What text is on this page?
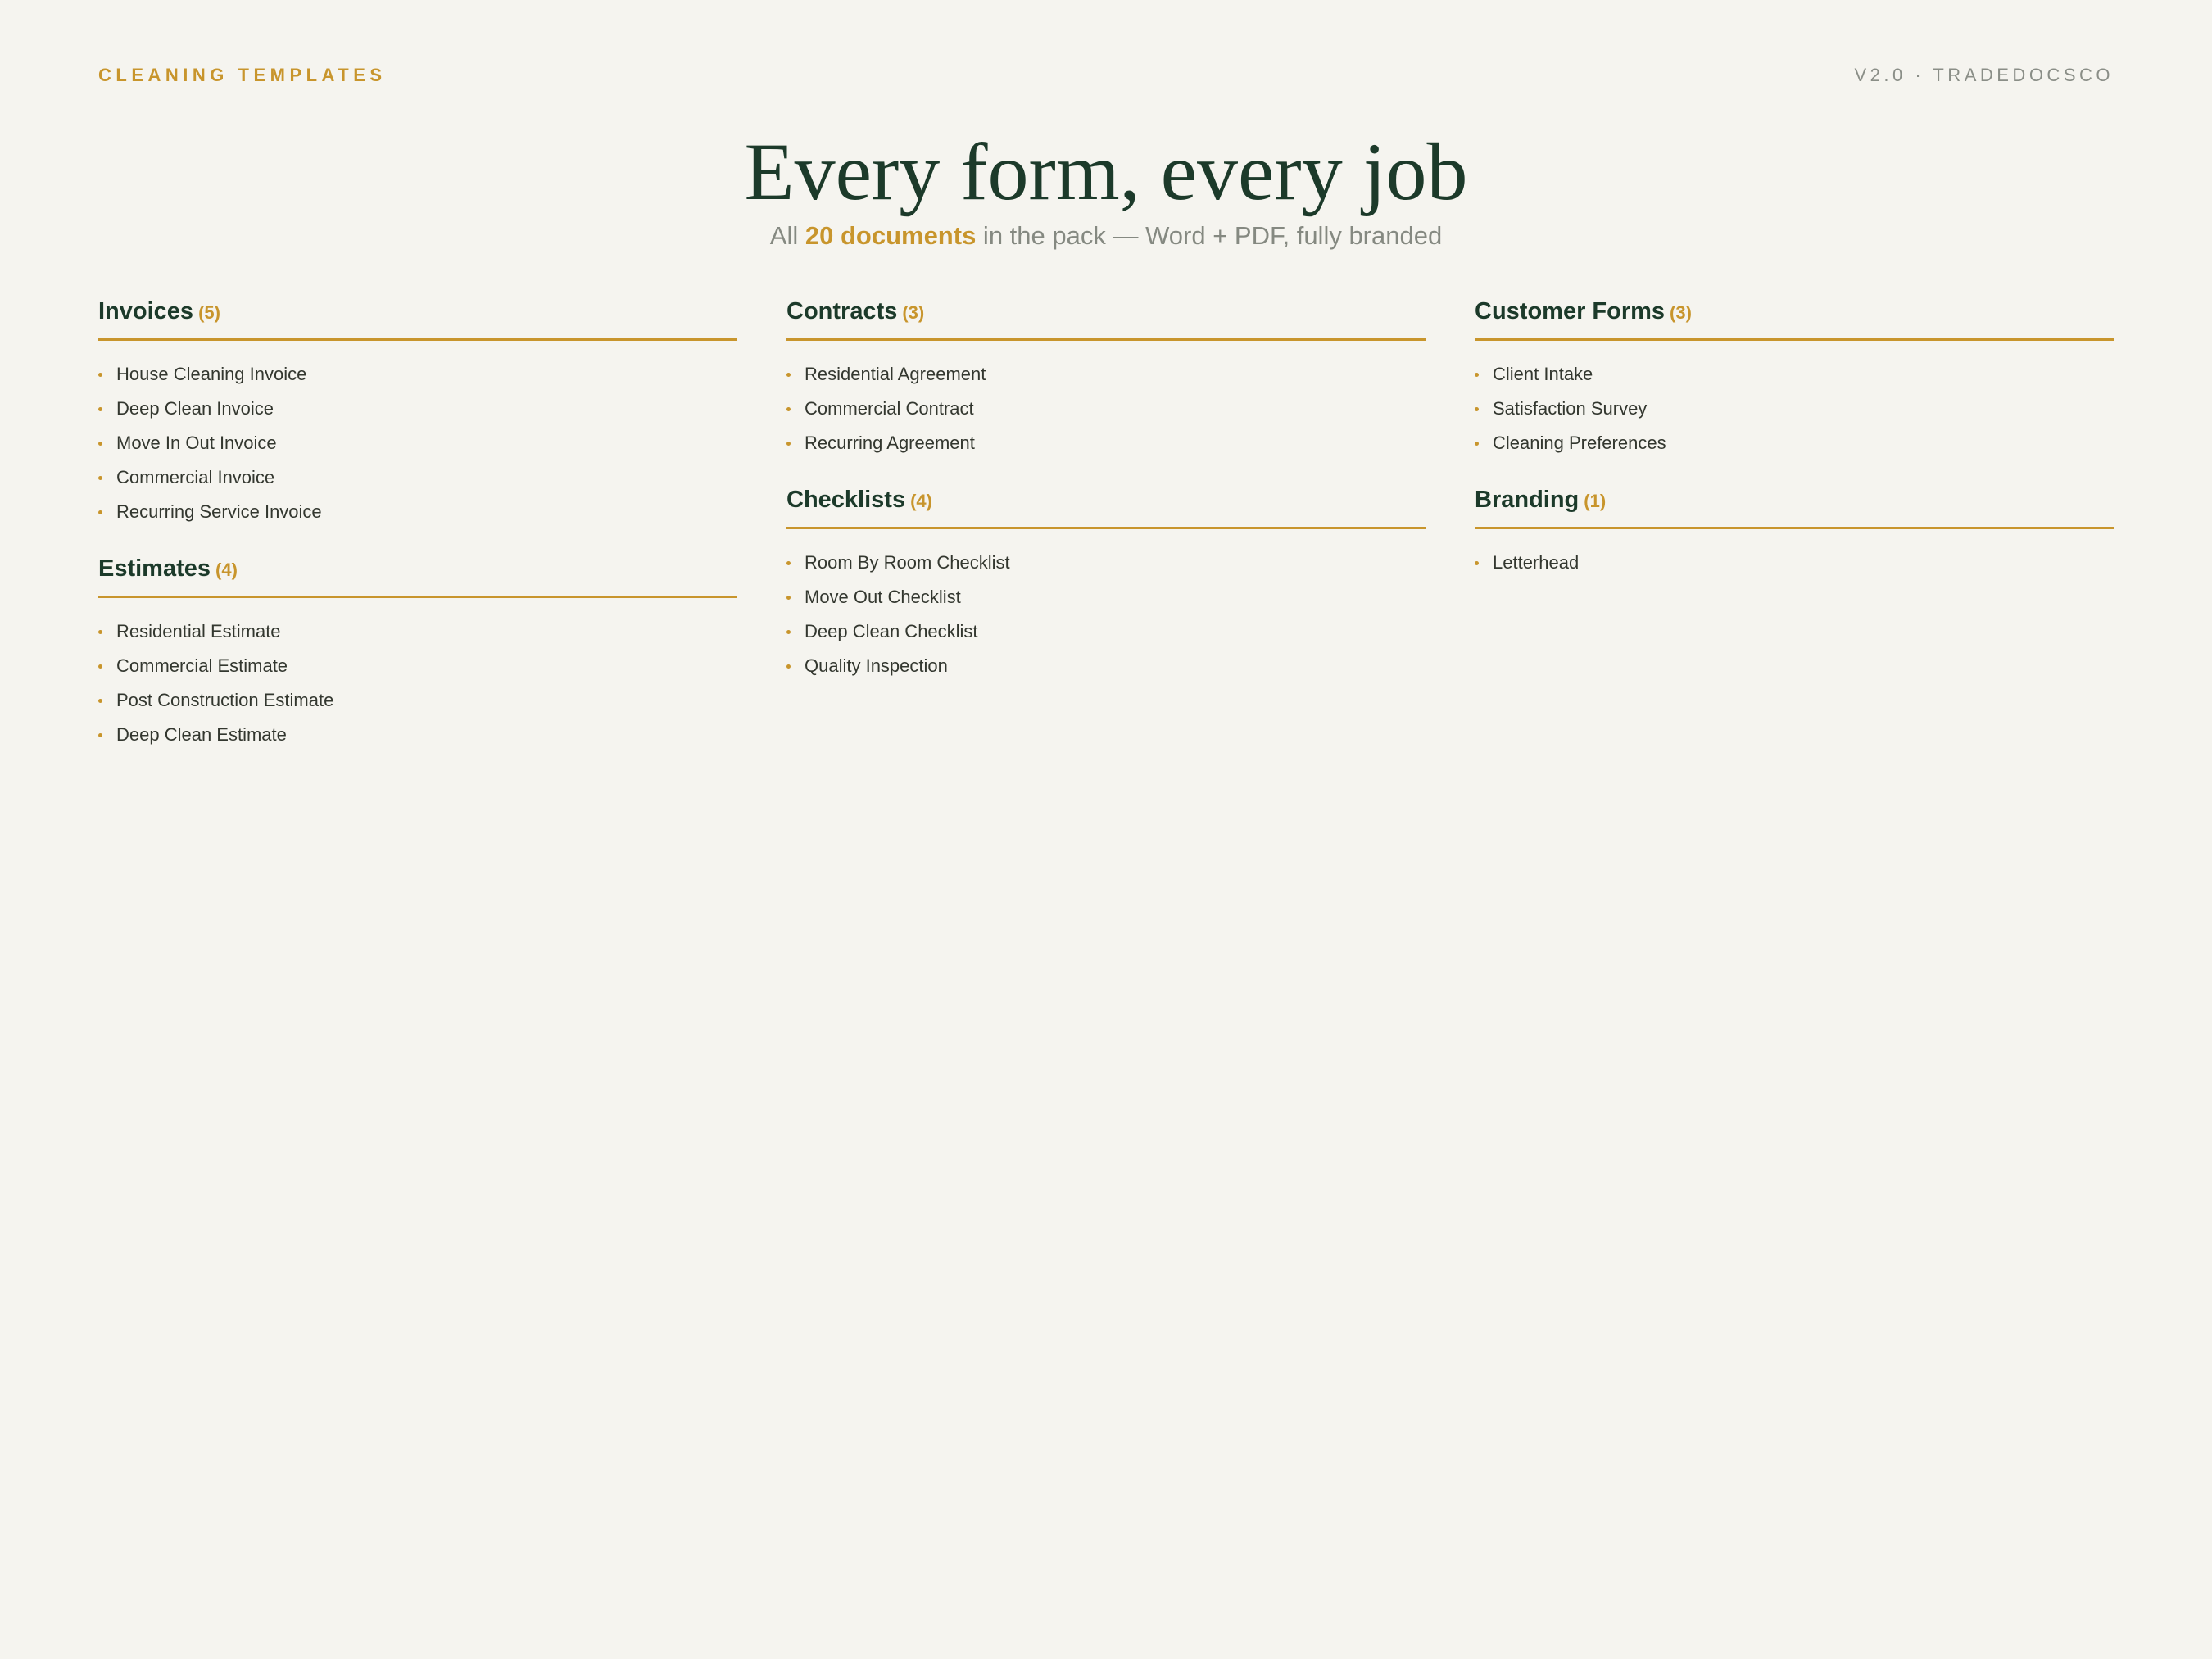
CLEANING TEMPLATES	V2.0 · TRADEDOCSCO
Every form, every job
All 20 documents in the pack — Word + PDF, fully branded
Invoices (5)
House Cleaning Invoice
Deep Clean Invoice
Move In Out Invoice
Commercial Invoice
Recurring Service Invoice
Estimates (4)
Residential Estimate
Commercial Estimate
Post Construction Estimate
Deep Clean Estimate
Contracts (3)
Residential Agreement
Commercial Contract
Recurring Agreement
Checklists (4)
Room By Room Checklist
Move Out Checklist
Deep Clean Checklist
Quality Inspection
Customer Forms (3)
Client Intake
Satisfaction Survey
Cleaning Preferences
Branding (1)
Letterhead
